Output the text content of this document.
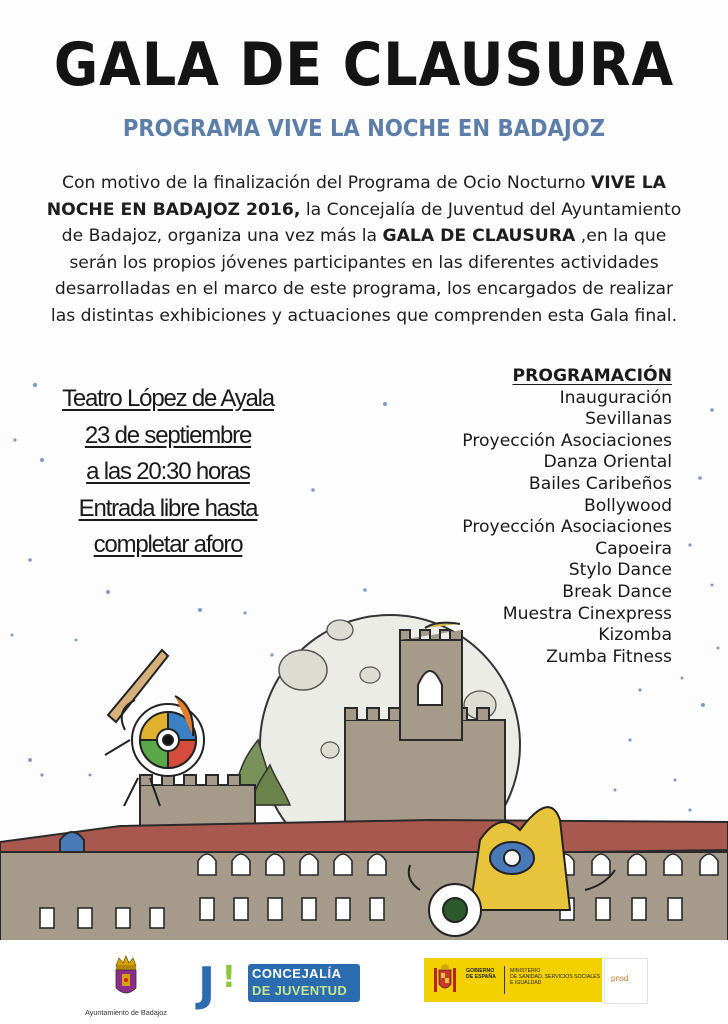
GALA DE CLAUSURA
PROGRAMA VIVE LA NOCHE EN BADAJOZ
Con motivo de la finalización del Programa de Ocio Nocturno VIVE LA NOCHE EN BADAJOZ 2016, la Concejalía de Juventud del Ayuntamiento de Badajoz, organiza una vez más la GALA DE CLAUSURA ,en la que serán los propios jóvenes participantes en las diferentes actividades desarrolladas en el marco de este programa, los encargados de realizar las distintas exhibiciones y actuaciones que comprenden esta Gala final.
Teatro López de Ayala
23 de septiembre
a las 20:30 horas
Entrada libre hasta
completar aforo
PROGRAMACIÓN
Inauguración
Sevillanas
Proyección Asociaciones
Danza Oriental
Bailes Caribeños
Bollywood
Proyección Asociaciones
Capoeira
Stylo Dance
Break Dance
Muestra Cinexpress
Kizomba
Zumba Fitness
Ayuntamiento de Badajoz
J ! CONCEJALÍA
DE JUVENTUD
GOBIERNO
DE ESPAÑA
MINISTERIO
DE SANIDAD, SERVICIOS SOCIALES
E IGUALDAD	pnsd
